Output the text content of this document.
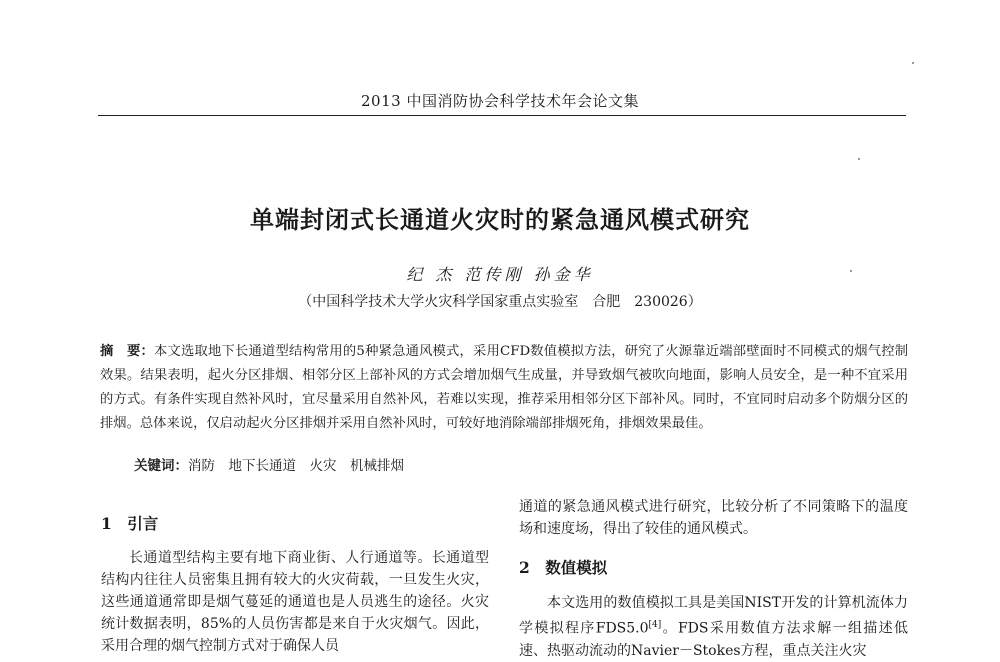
2013 中国消防协会科学技术年会论文集
单端封闭式长通道火灾时的紧急通风模式研究
纪 杰 范传刚 孙金华
（中国科学技术大学火灾科学国家重点实验室　合肥　230026）
摘　要：本文选取地下长通道型结构常用的5种紧急通风模式，采用CFD数值模拟方法，研究了火源靠近端部壁面时不同模式的烟气控制效果。结果表明，起火分区排烟、相邻分区上部补风的方式会增加烟气生成量，并导致烟气被吹向地面，影响人员安全，是一种不宜采用的方式。有条件实现自然补风时，宜尽量采用自然补风，若难以实现，推荐采用相邻分区下部补风。同时，不宜同时启动多个防烟分区的排烟。总体来说，仅启动起火分区排烟并采用自然补风时，可较好地消除端部排烟死角，排烟效果最佳。
关键词：消防　地下长通道　火灾　机械排烟
1　引言
长通道型结构主要有地下商业街、人行通道等。长通道型结构内往往人员密集且拥有较大的火灾荷载，一旦发生火灾，这些通道通常即是烟气蔓延的通道也是人员逃生的途径。火灾统计数据表明，85%的人员伤害都是来自于火灾烟气。因此，采用合理的烟气控制方式对于确保人员
通道的紧急通风模式进行研究，比较分析了不同策略下的温度场和速度场，得出了较佳的通风模式。
2　数值模拟
本文选用的数值模拟工具是美国NIST开发的计算机流体力学模拟程序FDS5.0[4]。FDS采用数值方法求解一组描述低速、热驱动流动的Navier－Stokes方程，重点关注火灾
